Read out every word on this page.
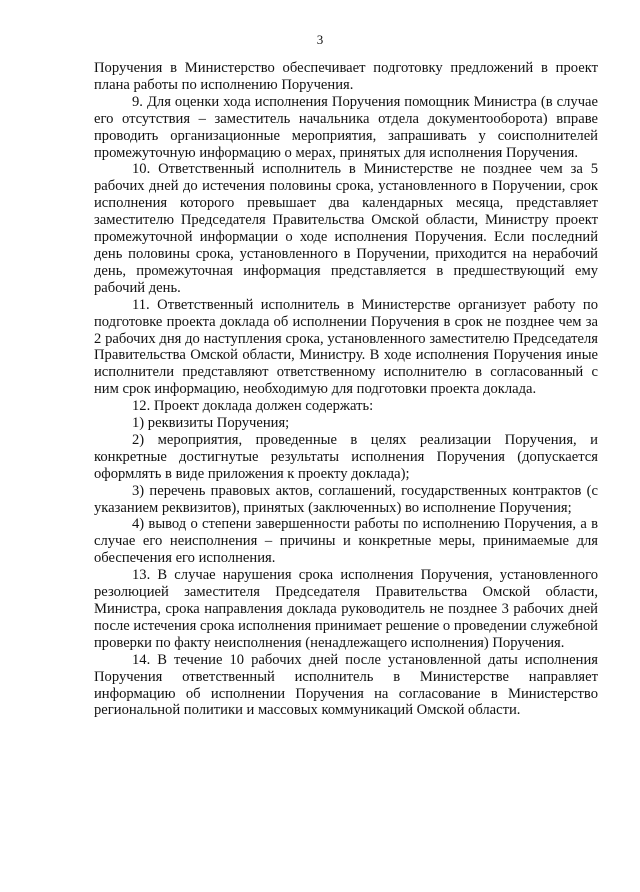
3

Поручения в Министерство обеспечивает подготовку предложений в проект плана работы по исполнению Поручения.

9. Для оценки хода исполнения Поручения помощник Министра (в случае его отсутствия – заместитель начальника отдела документооборота) вправе проводить организационные мероприятия, запрашивать у соисполнителей промежуточную информацию о мерах, принятых для исполнения Поручения.

10. Ответственный исполнитель в Министерстве не позднее чем за 5 рабочих дней до истечения половины срока, установленного в Поручении, срок исполнения которого превышает два календарных месяца, представляет заместителю Председателя Правительства Омской области, Министру проект промежуточной информации о ходе исполнения Поручения. Если последний день половины срока, установленного в Поручении, приходится на нерабочий день, промежуточная информация представляется в предшествующий ему рабочий день.

11. Ответственный исполнитель в Министерстве организует работу по подготовке проекта доклада об исполнении Поручения в срок не позднее чем за 2 рабочих дня до наступления срока, установленного заместителю Председателя Правительства Омской области, Министру. В ходе исполнения Поручения иные исполнители представляют ответственному исполнителю в согласованный с ним срок информацию, необходимую для подготовки проекта доклада.

12. Проект доклада должен содержать:

1) реквизиты Поручения;

2) мероприятия, проведенные в целях реализации Поручения, и конкретные достигнутые результаты исполнения Поручения (допускается оформлять в виде приложения к проекту доклада);

3) перечень правовых актов, соглашений, государственных контрактов (с указанием реквизитов), принятых (заключенных) во исполнение Поручения;

4) вывод о степени завершенности работы по исполнению Поручения, а в случае его неисполнения – причины и конкретные меры, принимаемые для обеспечения его исполнения.

13. В случае нарушения срока исполнения Поручения, установленного резолюцией заместителя Председателя Правительства Омской области, Министра, срока направления доклада руководитель не позднее 3 рабочих дней после истечения срока исполнения принимает решение о проведении служебной проверки по факту неисполнения (ненадлежащего исполнения) Поручения.

14. В течение 10 рабочих дней после установленной даты исполнения Поручения ответственный исполнитель в Министерстве направляет информацию об исполнении Поручения на согласование в Министерство региональной политики и массовых коммуникаций Омской области.
